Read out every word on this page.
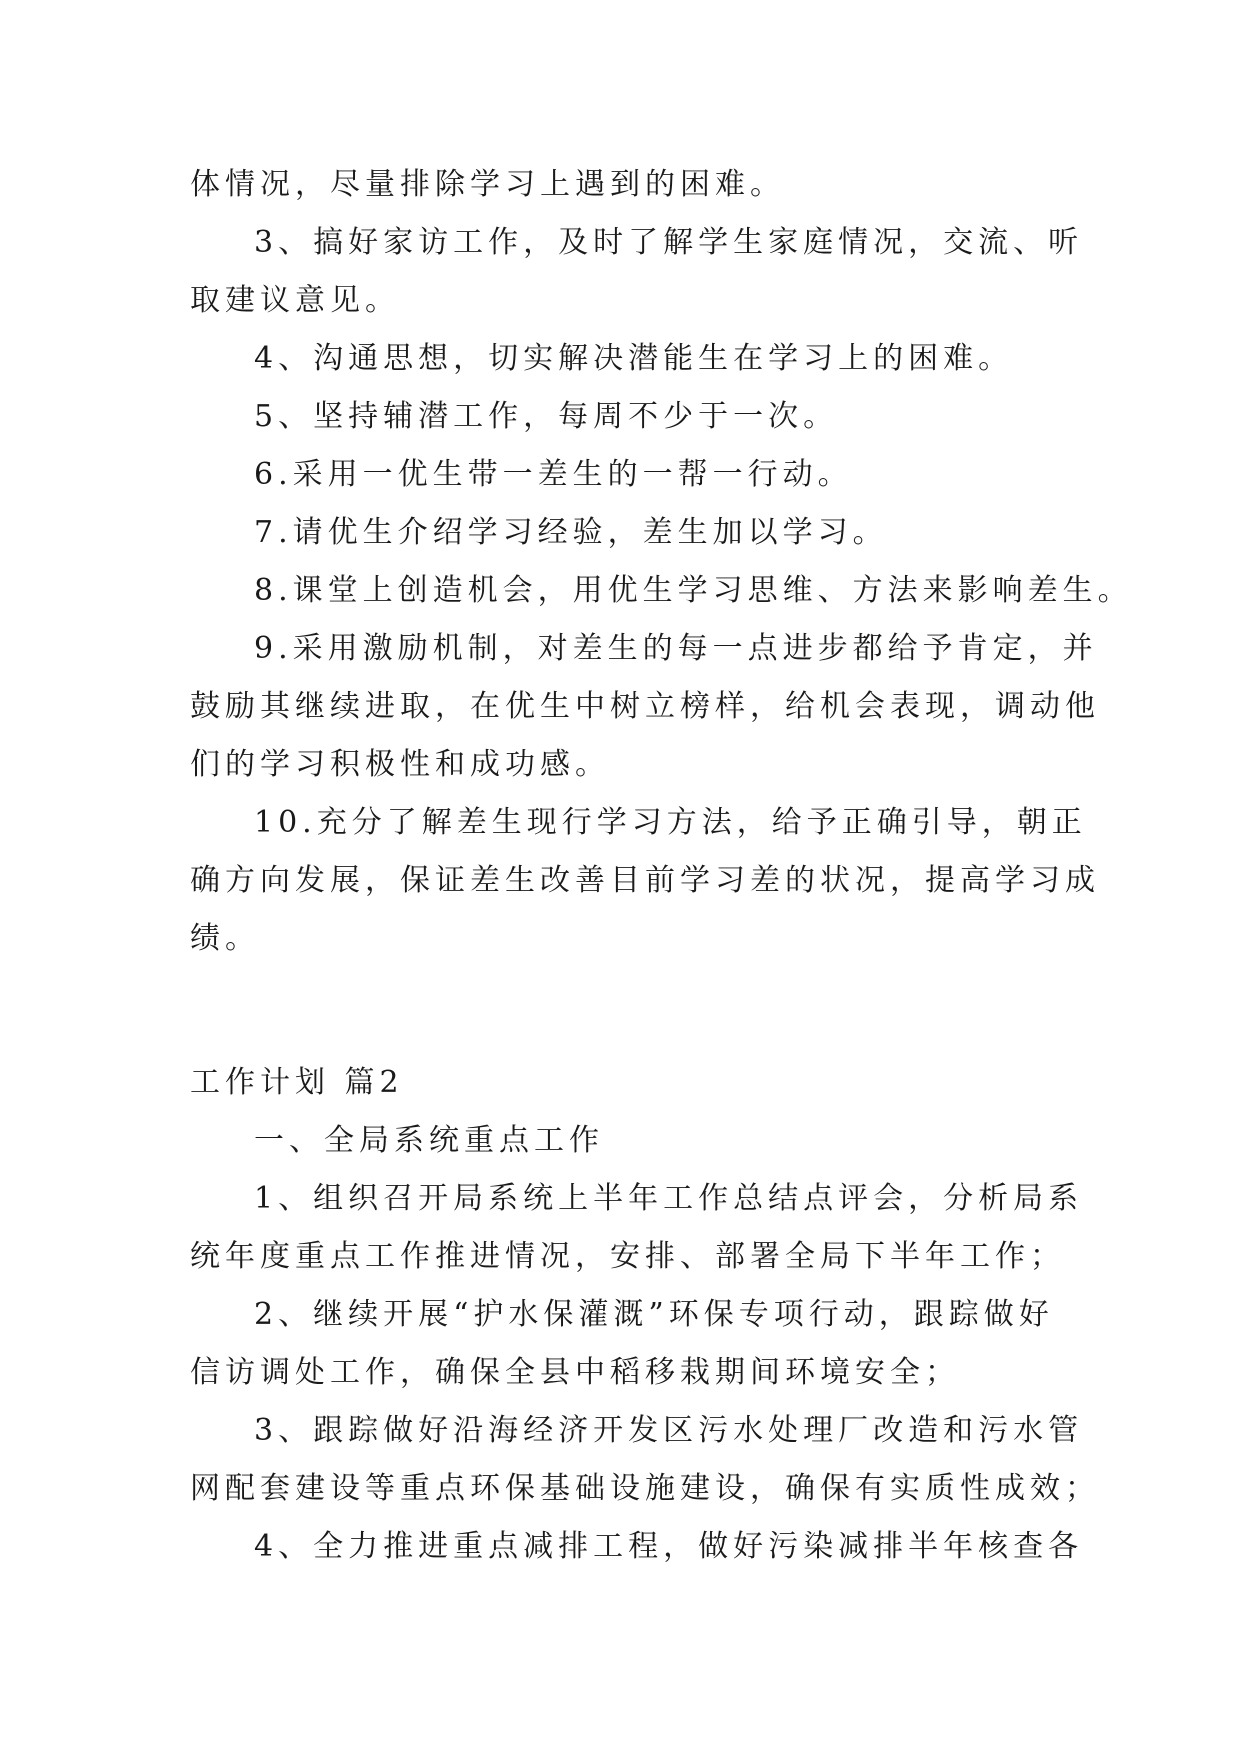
体情况，尽量排除学习上遇到的困难。
3、搞好家访工作，及时了解学生家庭情况，交流、听
取建议意见。
4、沟通思想，切实解决潜能生在学习上的困难。
5、坚持辅潜工作，每周不少于一次。
6.采用一优生带一差生的一帮一行动。
7.请优生介绍学习经验，差生加以学习。
8.课堂上创造机会，用优生学习思维、方法来影响差生。
9.采用激励机制，对差生的每一点进步都给予肯定，并
鼓励其继续进取，在优生中树立榜样，给机会表现，调动他
们的学习积极性和成功感。
10.充分了解差生现行学习方法，给予正确引导，朝正
确方向发展，保证差生改善目前学习差的状况，提高学习成
绩。
工作计划 篇2
一、全局系统重点工作
1、组织召开局系统上半年工作总结点评会，分析局系
统年度重点工作推进情况，安排、部署全局下半年工作；
2、继续开展“护水保灌溉”环保专项行动，跟踪做好
信访调处工作，确保全县中稻移栽期间环境安全；
3、跟踪做好沿海经济开发区污水处理厂改造和污水管
网配套建设等重点环保基础设施建设，确保有实质性成效；
4、全力推进重点减排工程，做好污染减排半年核查各
